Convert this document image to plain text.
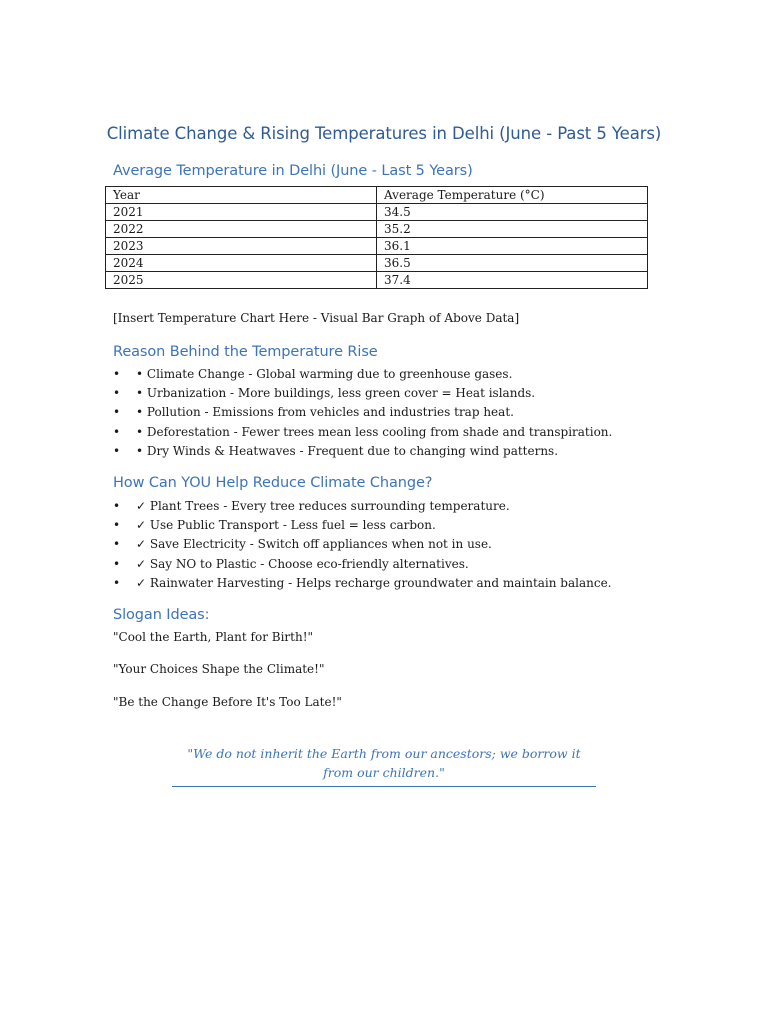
Climate Change & Rising Temperatures in Delhi (June - Past 5 Years)
Average Temperature in Delhi (June - Last 5 Years)
Year	Average Temperature (°C)
2021	34.5
2022	35.2
2023	36.1
2024	36.5
2025	37.4
[Insert Temperature Chart Here - Visual Bar Graph of Above Data]
Reason Behind the Temperature Rise
• • Climate Change - Global warming due to greenhouse gases.
• • Urbanization - More buildings, less green cover = Heat islands.
• • Pollution - Emissions from vehicles and industries trap heat.
• • Deforestation - Fewer trees mean less cooling from shade and transpiration.
• • Dry Winds & Heatwaves - Frequent due to changing wind patterns.
How Can YOU Help Reduce Climate Change?
• ✓ Plant Trees - Every tree reduces surrounding temperature.
• ✓ Use Public Transport - Less fuel = less carbon.
• ✓ Save Electricity - Switch off appliances when not in use.
• ✓ Say NO to Plastic - Choose eco-friendly alternatives.
• ✓ Rainwater Harvesting - Helps recharge groundwater and maintain balance.
Slogan Ideas:
"Cool the Earth, Plant for Birth!"
"Your Choices Shape the Climate!"
"Be the Change Before It's Too Late!"
"We do not inherit the Earth from our ancestors; we borrow it from our children."
